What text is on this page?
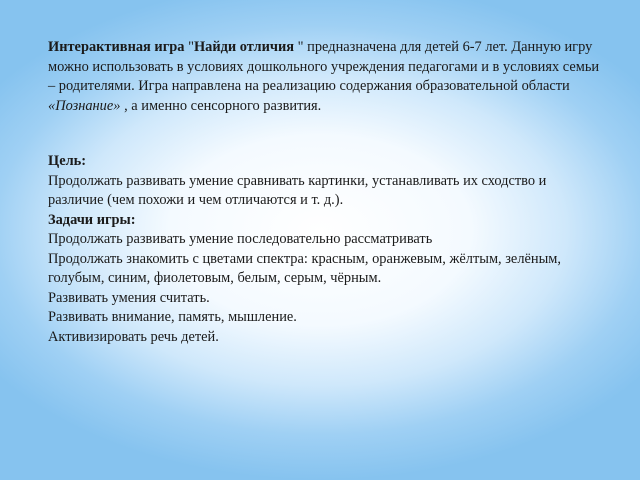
Интерактивная игра "Найди отличия " предназначена для детей 6-7 лет. Данную игру можно использовать в условиях дошкольного учреждения педагогами и в условиях семьи – родителями. Игра направлена на реализацию содержания образовательной области «Познание» , а именно сенсорного развития.

Цель:
Продолжать развивать умение сравнивать картинки, устанавливать их сходство и различие (чем похожи и чем отличаются и т. д.).
Задачи игры:
Продолжать развивать умение последовательно рассматривать
Продолжать знакомить с цветами спектра: красным, оранжевым, жёлтым, зелёным, голубым, синим, фиолетовым, белым, серым, чёрным.
Развивать умения считать.
Развивать внимание, память, мышление.
Активизировать речь детей.
